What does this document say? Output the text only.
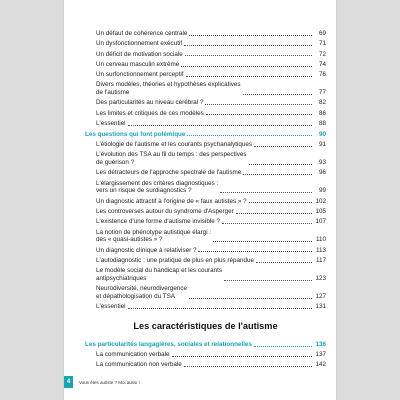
Un défaut de cohérence centrale	69
Un dysfonctionnement exécutif	71
Un déficit de motivation sociale	72
Un cerveau masculin extrême	74
Un surfonctionnement perceptif	76
Divers modèles, théories et hypothèses explicatives
de l'autisme	77
Des particularités au niveau cérébral ?	82
Les limites et critiques de ces modèles	86
L'essentiel	88
Les questions qui font polémique	90
L'étiologie de l'autisme et les courants psychanalytiques	91
L'évolution des TSA au fil du temps : des perspectives
de guérison ?	93
Les détracteurs de l'approche spectrale de l'autisme	96
L'élargissement des critères diagnostiques :
vers un risque de surdiagnostics ?	99
Un diagnostic attractif à l'origine de « faux autistes » ?	102
Les controverses autour du syndrome d'Asperger	105
L'existence d'une forme d'autisme invisible ?	107
La notion de phénotype autistique élargi :
des « quasi-autistes » ?	110
Un diagnostic clinique à relativiser ?	113
L'autodiagnostic : une pratique de plus en plus répandue	117
Le modèle social du handicap et les courants
antipsychiatriques	123
Neurodiversité, neurodivergence
et dépathologisation du TSA	127
L'essentiel	131
Les caractéristiques de l'autisme
Les particularités langagières, sociales et relationnelles	136
La communication verbale	137
La communication non verbale	142
4	Vous êtes autiste ? Moi aussi !
